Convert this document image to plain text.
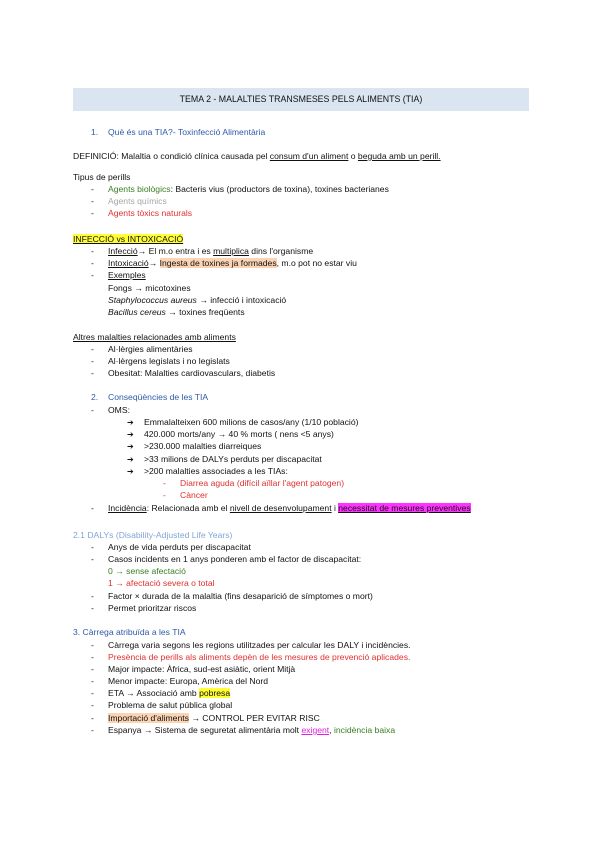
TEMA 2 - MALALTIES TRANSMESES PELS ALIMENTS (TIA)
1. Què és una TIA?- Toxinfecció Alimentària
DEFINICIÓ: Malaltia o condició clínica causada pel consum d'un aliment o beguda amb un perill.
Tipus de perills
- Agents biològics: Bacteris vius (productors de toxina), toxines bacterianes
- Agents químics
- Agents tòxics naturals
INFECCIÓ vs INTOXICACIÓ
- Infecció→ El m.o entra i es multiplica dins l'organisme
- Intoxicació→ Ingesta de toxines ja formades, m.o pot no estar viu
- Exemples
Fongs → micotoxines
Staphylococcus aureus → infecció i intoxicació
Bacillus cereus → toxines freqüents
Altres malalties relacionades amb aliments
- Al·lèrgies alimentàries
- Al·lèrgens legislats i no legislats
- Obesitat: Malalties cardiovasculars, diabetis
2. Conseqüències de les TIA
- OMS:
➔ Emmalalteixen 600 milions de casos/any (1/10 població)
➔ 420.000 morts/any → 40 % morts ( nens <5 anys)
➔ >230.000 malalties diarreiques
➔ >33 milions de DALYs perduts per discapacitat
➔ >200 malalties associades a les TIAs:
- Diarrea aguda (difícil aïllar l'agent patogen)
- Càncer
- Incidència: Relacionada amb el nivell de desenvolupament i necessitat de mesures preventives
2.1 DALYs (Disability-Adjusted Life Years)
- Anys de vida perduts per discapacitat
- Casos incidents en 1 anys ponderen amb el factor de discapacitat:
0 → sense afectació
1 → afectació severa o total
- Factor × durada de la malaltia (fins desaparició de símptomes o mort)
- Permet prioritzar riscos
3. Càrrega atribuïda a les TIA
- Càrrega varia segons les regions utilitzades per calcular les DALY i incidències.
- Presència de perills als aliments depèn de les mesures de prevenció aplicades.
- Major impacte: Àfrica, sud-est asiàtic, orient Mitjà
- Menor impacte: Europa, Amèrica del Nord
- ETA → Associació amb pobresa
- Problema de salut pública global
- Importació d'aliments → CONTROL PER EVITAR RISC
- Espanya → Sistema de seguretat alimentària molt exigent, incidència baixa
